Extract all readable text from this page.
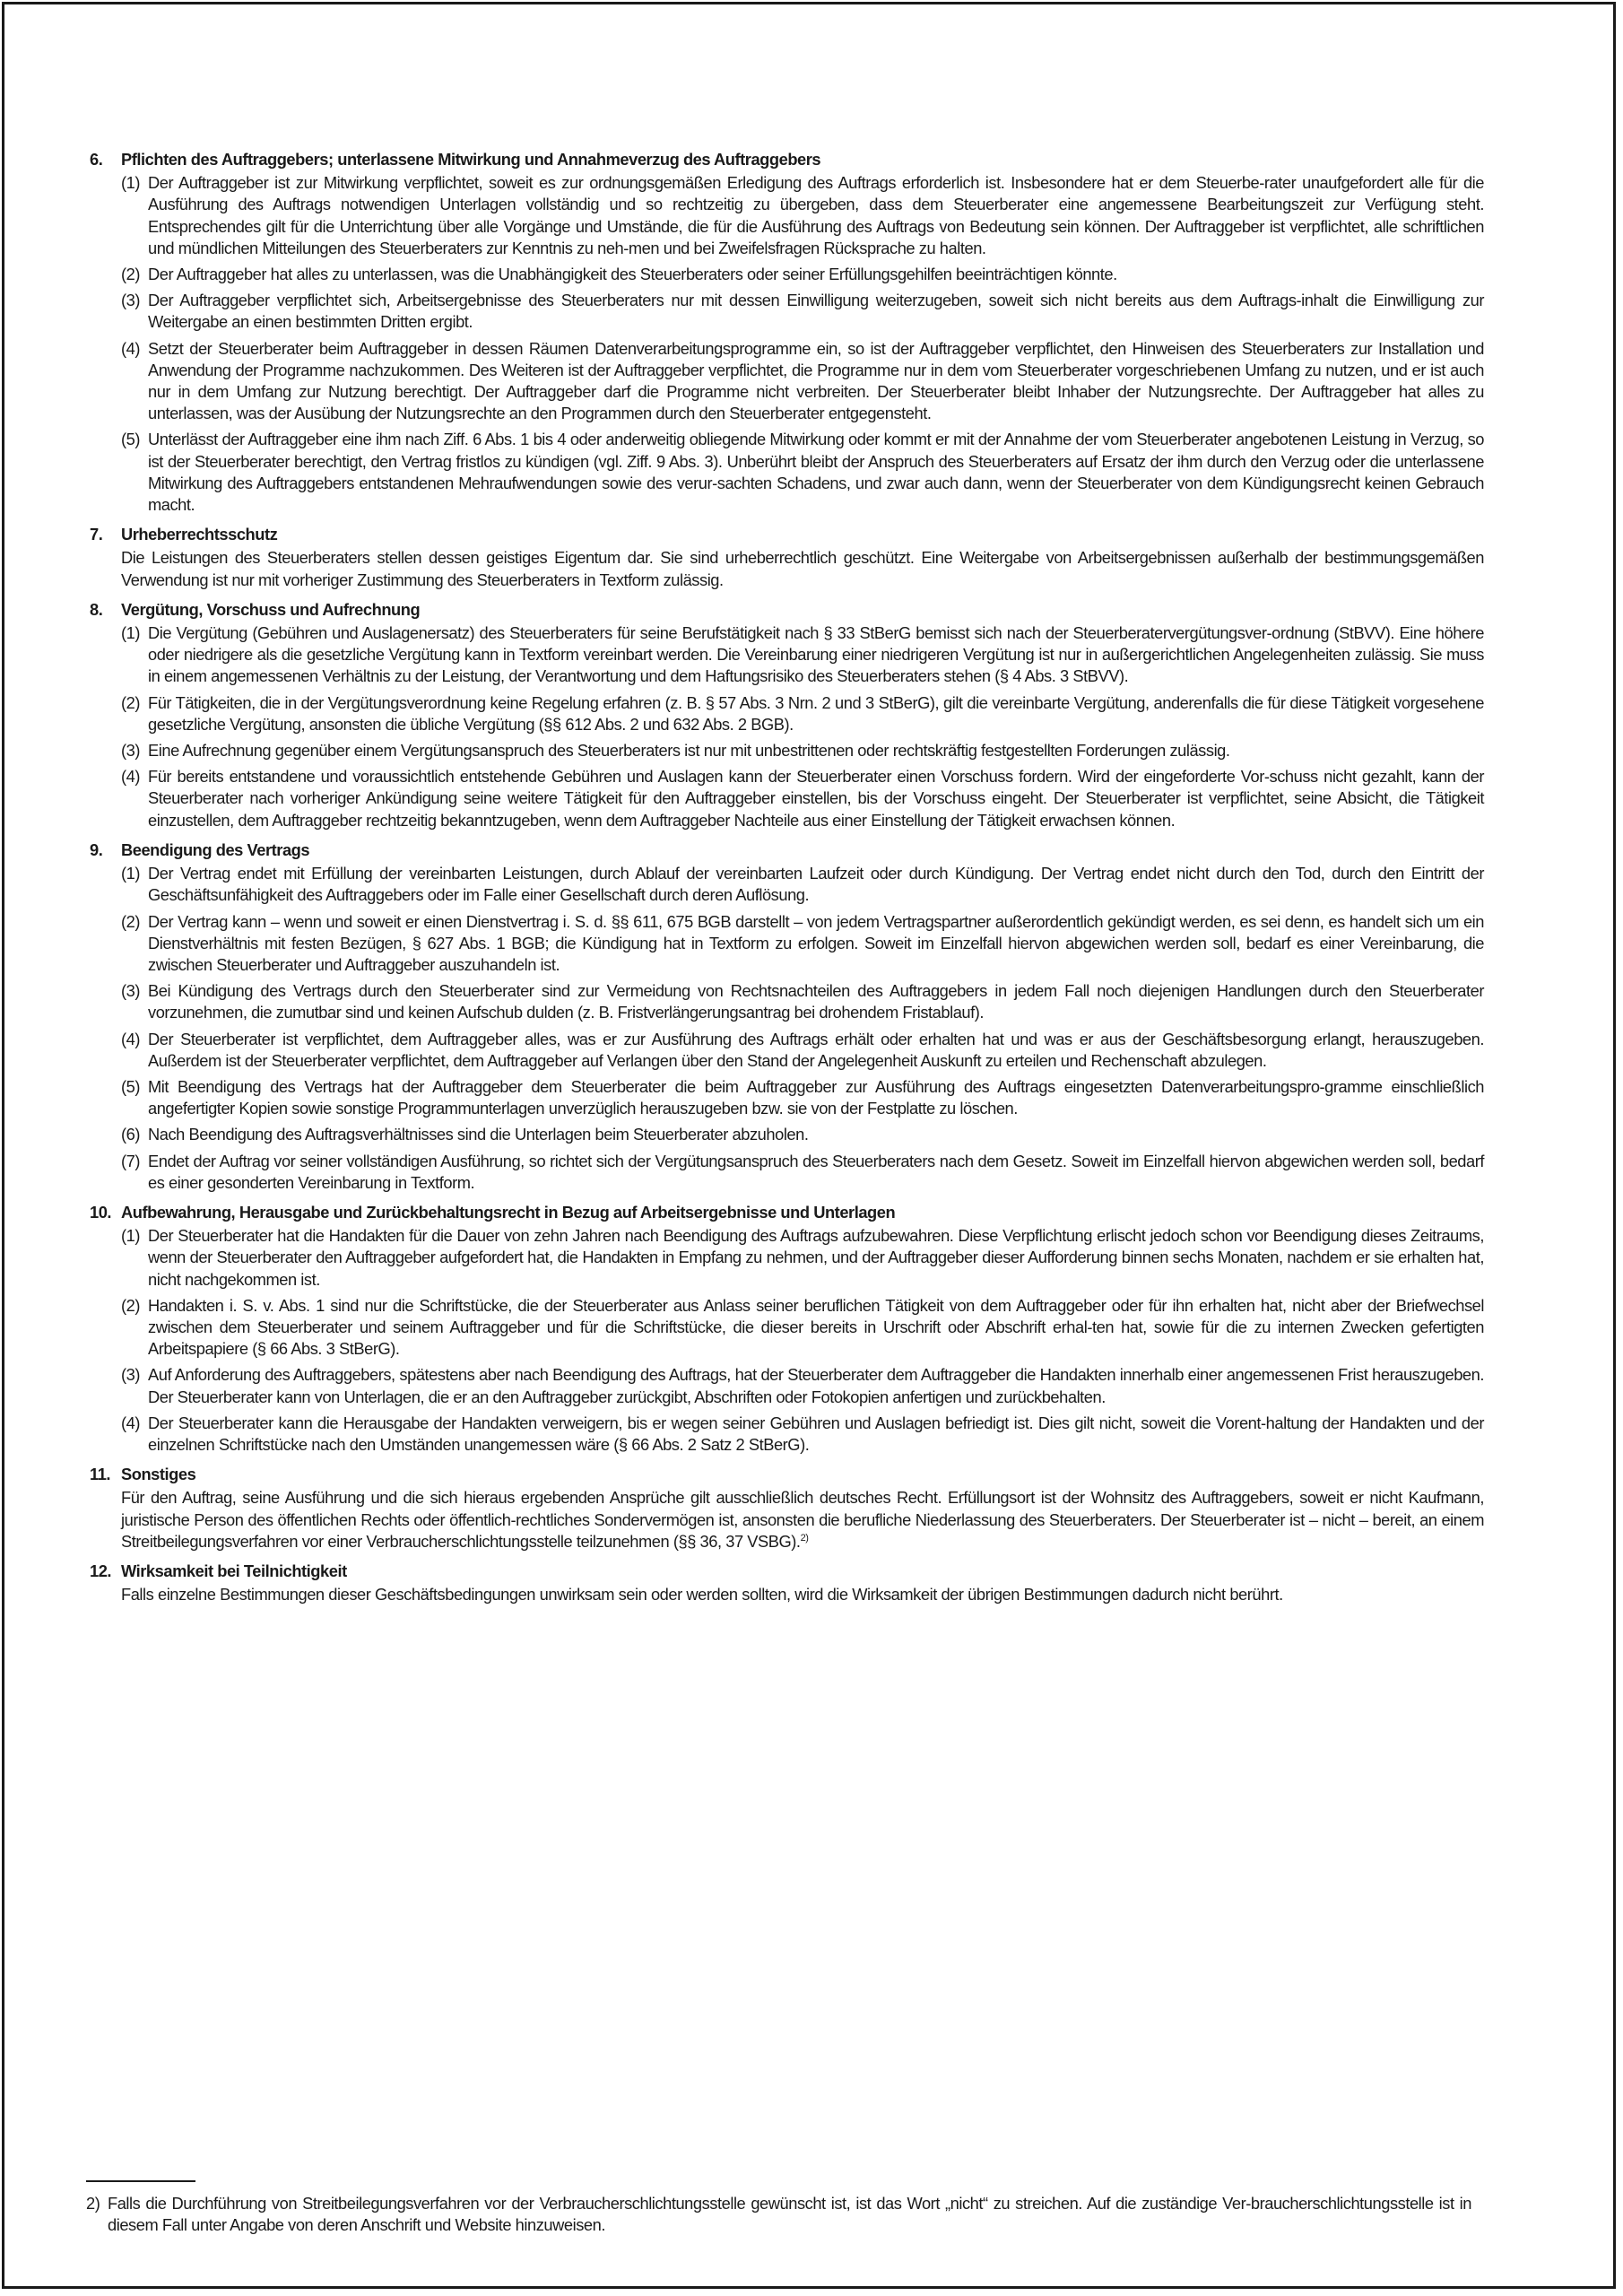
6.	Pflichten des Auftraggebers; unterlassene Mitwirkung und Annahmeverzug des Auftraggebers
(1) Der Auftraggeber ist zur Mitwirkung verpflichtet, soweit es zur ordnungsgemäßen Erledigung des Auftrags erforderlich ist. Insbesondere hat er dem Steuerbe-rater unaufgefordert alle für die Ausführung des Auftrags notwendigen Unterlagen vollständig und so rechtzeitig zu übergeben, dass dem Steuerberater eine angemessene Bearbeitungszeit zur Verfügung steht. Entsprechendes gilt für die Unterrichtung über alle Vorgänge und Umstände, die für die Ausführung des Auftrags von Bedeutung sein können. Der Auftraggeber ist verpflichtet, alle schriftlichen und mündlichen Mitteilungen des Steuerberaters zur Kenntnis zu neh-men und bei Zweifelsfragen Rücksprache zu halten.
(2) Der Auftraggeber hat alles zu unterlassen, was die Unabhängigkeit des Steuerberaters oder seiner Erfüllungsgehilfen beeinträchtigen könnte.
(3) Der Auftraggeber verpflichtet sich, Arbeitsergebnisse des Steuerberaters nur mit dessen Einwilligung weiterzugeben, soweit sich nicht bereits aus dem Auftrags-inhalt die Einwilligung zur Weitergabe an einen bestimmten Dritten ergibt.
(4) Setzt der Steuerberater beim Auftraggeber in dessen Räumen Datenverarbeitungsprogramme ein, so ist der Auftraggeber verpflichtet, den Hinweisen des Steuerberaters zur Installation und Anwendung der Programme nachzukommen. Des Weiteren ist der Auftraggeber verpflichtet, die Programme nur in dem vom Steuerberater vorgeschriebenen Umfang zu nutzen, und er ist auch nur in dem Umfang zur Nutzung berechtigt. Der Auftraggeber darf die Programme nicht verbreiten. Der Steuerberater bleibt Inhaber der Nutzungsrechte. Der Auftraggeber hat alles zu unterlassen, was der Ausübung der Nutzungsrechte an den Programmen durch den Steuerberater entgegensteht.
(5) Unterlässt der Auftraggeber eine ihm nach Ziff. 6 Abs. 1 bis 4 oder anderweitig obliegende Mitwirkung oder kommt er mit der Annahme der vom Steuerberater angebotenen Leistung in Verzug, so ist der Steuerberater berechtigt, den Vertrag fristlos zu kündigen (vgl. Ziff. 9 Abs. 3). Unberührt bleibt der Anspruch des Steuerberaters auf Ersatz der ihm durch den Verzug oder die unterlassene Mitwirkung des Auftraggebers entstandenen Mehraufwendungen sowie des verur-sachten Schadens, und zwar auch dann, wenn der Steuerberater von dem Kündigungsrecht keinen Gebrauch macht.
7.	Urheberrechtsschutz
Die Leistungen des Steuerberaters stellen dessen geistiges Eigentum dar. Sie sind urheberrechtlich geschützt. Eine Weitergabe von Arbeitsergebnissen außerhalb der bestimmungsgemäßen Verwendung ist nur mit vorheriger Zustimmung des Steuerberaters in Textform zulässig.
8.	Vergütung, Vorschuss und Aufrechnung
(1) Die Vergütung (Gebühren und Auslagenersatz) des Steuerberaters für seine Berufstätigkeit nach § 33 StBerG bemisst sich nach der Steuerberatervergütungsver-ordnung (StBVV). Eine höhere oder niedrigere als die gesetzliche Vergütung kann in Textform vereinbart werden. Die Vereinbarung einer niedrigeren Vergütung ist nur in außergerichtlichen Angelegenheiten zulässig. Sie muss in einem angemessenen Verhältnis zu der Leistung, der Verantwortung und dem Haftungsrisiko des Steuerberaters stehen (§ 4 Abs. 3 StBVV).
(2) Für Tätigkeiten, die in der Vergütungsverordnung keine Regelung erfahren (z. B. § 57 Abs. 3 Nrn. 2 und 3 StBerG), gilt die vereinbarte Vergütung, anderenfalls die für diese Tätigkeit vorgesehene gesetzliche Vergütung, ansonsten die übliche Vergütung (§§ 612 Abs. 2 und 632 Abs. 2 BGB).
(3) Eine Aufrechnung gegenüber einem Vergütungsanspruch des Steuerberaters ist nur mit unbestrittenen oder rechtskräftig festgestellten Forderungen zulässig.
(4) Für bereits entstandene und voraussichtlich entstehende Gebühren und Auslagen kann der Steuerberater einen Vorschuss fordern. Wird der eingeforderte Vor-schuss nicht gezahlt, kann der Steuerberater nach vorheriger Ankündigung seine weitere Tätigkeit für den Auftraggeber einstellen, bis der Vorschuss eingeht. Der Steuerberater ist verpflichtet, seine Absicht, die Tätigkeit einzustellen, dem Auftraggeber rechtzeitig bekanntzugeben, wenn dem Auftraggeber Nachteile aus einer Einstellung der Tätigkeit erwachsen können.
9.	Beendigung des Vertrags
(1) Der Vertrag endet mit Erfüllung der vereinbarten Leistungen, durch Ablauf der vereinbarten Laufzeit oder durch Kündigung. Der Vertrag endet nicht durch den Tod, durch den Eintritt der Geschäftsunfähigkeit des Auftraggebers oder im Falle einer Gesellschaft durch deren Auflösung.
(2) Der Vertrag kann – wenn und soweit er einen Dienstvertrag i. S. d. §§ 611, 675 BGB darstellt – von jedem Vertragspartner außerordentlich gekündigt werden, es sei denn, es handelt sich um ein Dienstverhältnis mit festen Bezügen, § 627 Abs. 1 BGB; die Kündigung hat in Textform zu erfolgen. Soweit im Einzelfall hiervon abgewichen werden soll, bedarf es einer Vereinbarung, die zwischen Steuerberater und Auftraggeber auszuhandeln ist.
(3) Bei Kündigung des Vertrags durch den Steuerberater sind zur Vermeidung von Rechtsnachteilen des Auftraggebers in jedem Fall noch diejenigen Handlungen durch den Steuerberater vorzunehmen, die zumutbar sind und keinen Aufschub dulden (z. B. Fristverlängerungsantrag bei drohendem Fristablauf).
(4) Der Steuerberater ist verpflichtet, dem Auftraggeber alles, was er zur Ausführung des Auftrags erhält oder erhalten hat und was er aus der Geschäftsbesorgung erlangt, herauszugeben. Außerdem ist der Steuerberater verpflichtet, dem Auftraggeber auf Verlangen über den Stand der Angelegenheit Auskunft zu erteilen und Rechenschaft abzulegen.
(5) Mit Beendigung des Vertrags hat der Auftraggeber dem Steuerberater die beim Auftraggeber zur Ausführung des Auftrags eingesetzten Datenverarbeitungspro-gramme einschließlich angefertigter Kopien sowie sonstige Programmunterlagen unverzüglich herauszugeben bzw. sie von der Festplatte zu löschen.
(6) Nach Beendigung des Auftragsverhältnisses sind die Unterlagen beim Steuerberater abzuholen.
(7) Endet der Auftrag vor seiner vollständigen Ausführung, so richtet sich der Vergütungsanspruch des Steuerberaters nach dem Gesetz. Soweit im Einzelfall hiervon abgewichen werden soll, bedarf es einer gesonderten Vereinbarung in Textform.
10. Aufbewahrung, Herausgabe und Zurückbehaltungsrecht in Bezug auf Arbeitsergebnisse und Unterlagen
(1) Der Steuerberater hat die Handakten für die Dauer von zehn Jahren nach Beendigung des Auftrags aufzubewahren. Diese Verpflichtung erlischt jedoch schon vor Beendigung dieses Zeitraums, wenn der Steuerberater den Auftraggeber aufgefordert hat, die Handakten in Empfang zu nehmen, und der Auftraggeber dieser Aufforderung binnen sechs Monaten, nachdem er sie erhalten hat, nicht nachgekommen ist.
(2) Handakten i. S. v. Abs. 1 sind nur die Schriftstücke, die der Steuerberater aus Anlass seiner beruflichen Tätigkeit von dem Auftraggeber oder für ihn erhalten hat, nicht aber der Briefwechsel zwischen dem Steuerberater und seinem Auftraggeber und für die Schriftstücke, die dieser bereits in Urschrift oder Abschrift erhal-ten hat, sowie für die zu internen Zwecken gefertigten Arbeitspapiere (§ 66 Abs. 3 StBerG).
(3) Auf Anforderung des Auftraggebers, spätestens aber nach Beendigung des Auftrags, hat der Steuerberater dem Auftraggeber die Handakten innerhalb einer angemessenen Frist herauszugeben. Der Steuerberater kann von Unterlagen, die er an den Auftraggeber zurückgibt, Abschriften oder Fotokopien anfertigen und zurückbehalten.
(4) Der Steuerberater kann die Herausgabe der Handakten verweigern, bis er wegen seiner Gebühren und Auslagen befriedigt ist. Dies gilt nicht, soweit die Vorent-haltung der Handakten und der einzelnen Schriftstücke nach den Umständen unangemessen wäre (§ 66 Abs. 2 Satz 2 StBerG).
11. Sonstiges
Für den Auftrag, seine Ausführung und die sich hieraus ergebenden Ansprüche gilt ausschließlich deutsches Recht. Erfüllungsort ist der Wohnsitz des Auftraggebers, soweit er nicht Kaufmann, juristische Person des öffentlichen Rechts oder öffentlich-rechtliches Sondervermögen ist, ansonsten die berufliche Niederlassung des Steuerberaters. Der Steuerberater ist – nicht – bereit, an einem Streitbeilegungsverfahren vor einer Verbraucherschlichtungsstelle teilzunehmen (§§ 36, 37 VSBG).$^{2)}$
12. Wirksamkeit bei Teilnichtigkeit
Falls einzelne Bestimmungen dieser Geschäftsbedingungen unwirksam sein oder werden sollten, wird die Wirksamkeit der übrigen Bestimmungen dadurch nicht berührt.
2) Falls die Durchführung von Streitbeilegungsverfahren vor der Verbraucherschlichtungsstelle gewünscht ist, ist das Wort „nicht“ zu streichen. Auf die zuständige Ver-braucherschlichtungsstelle ist in diesem Fall unter Angabe von deren Anschrift und Website hinzuweisen.
